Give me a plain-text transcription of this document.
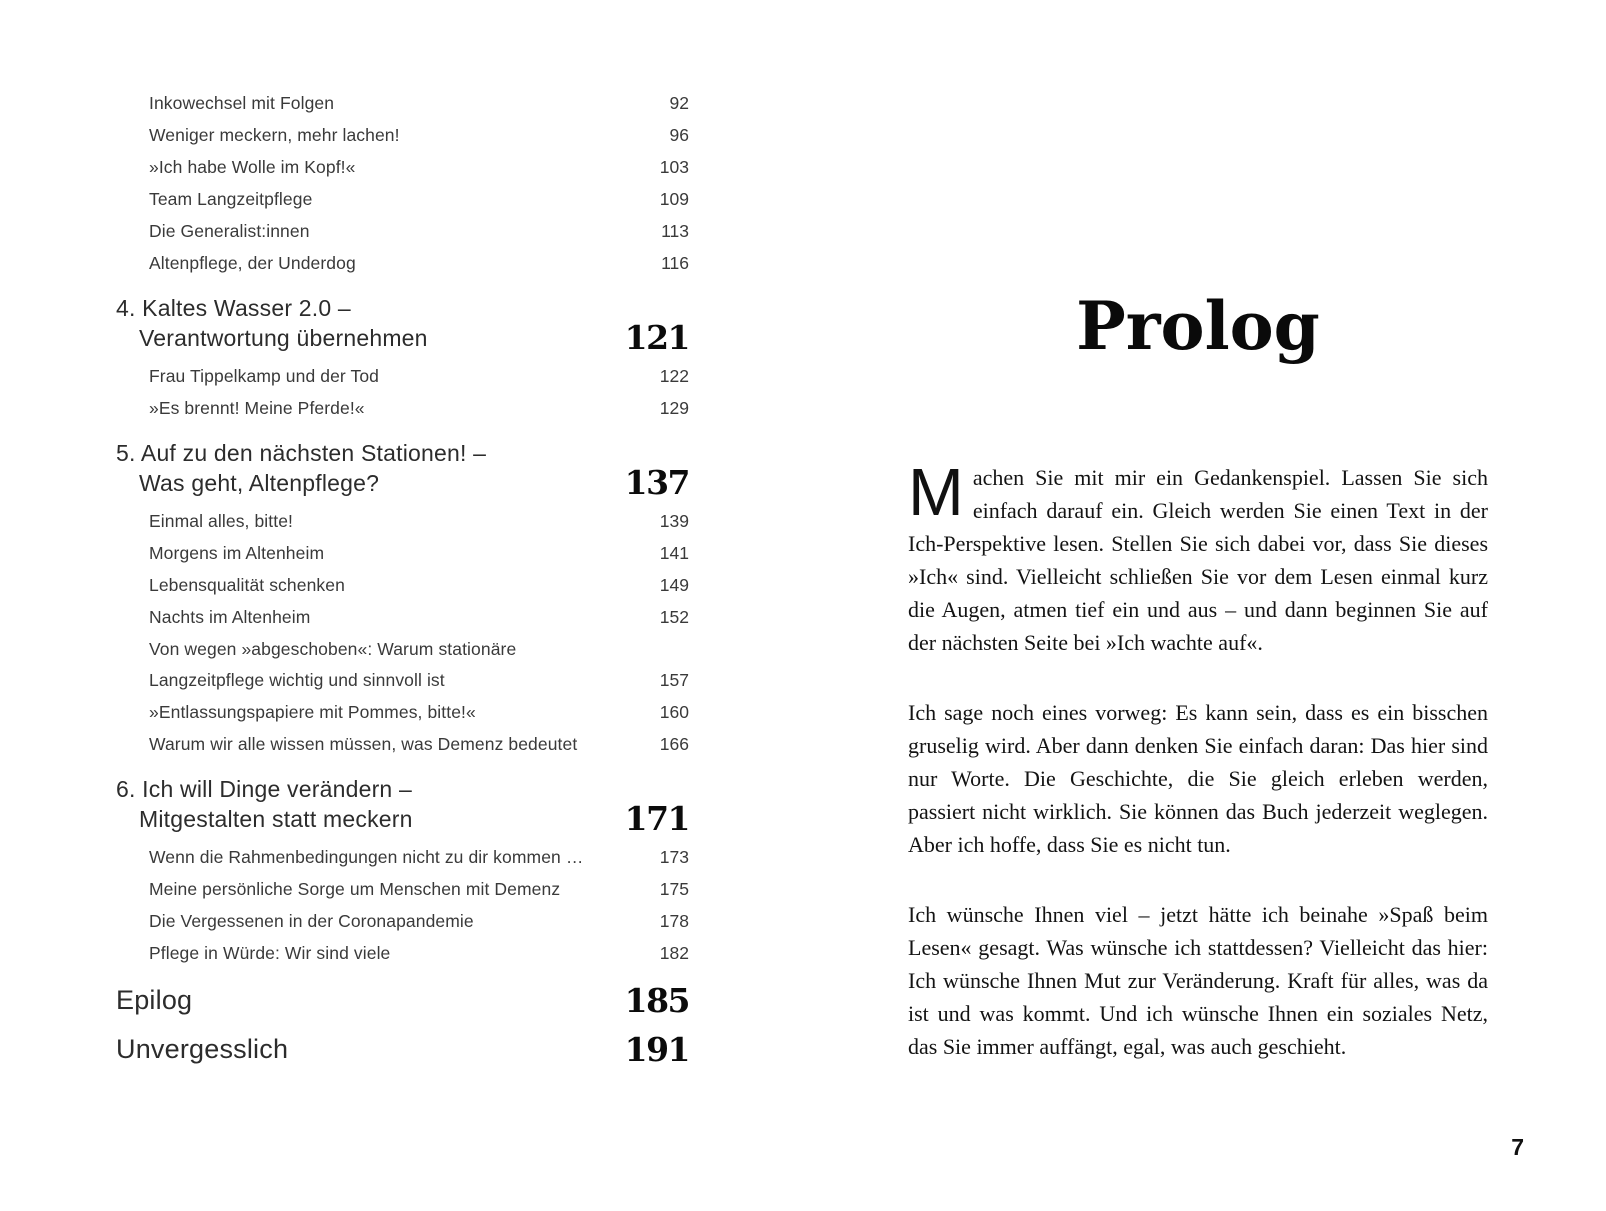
Inkowechsel mit Folgen	92
Weniger meckern, mehr lachen!	96
»Ich habe Wolle im Kopf!«	103
Team Langzeitpflege	109
Die Generalist:innen	113
Altenpflege, der Underdog	116
4. Kaltes Wasser 2.0 –
Verantwortung übernehmen	121
Frau Tippelkamp und der Tod	122
»Es brennt! Meine Pferde!«	129
5. Auf zu den nächsten Stationen! –
Was geht, Altenpflege?	137
Einmal alles, bitte!	139
Morgens im Altenheim	141
Lebensqualität schenken	149
Nachts im Altenheim	152
Von wegen »abgeschoben«: Warum stationäre
Langzeitpflege wichtig und sinnvoll ist	157
»Entlassungspapiere mit Pommes, bitte!«	160
Warum wir alle wissen müssen, was Demenz bedeutet	166
6. Ich will Dinge verändern –
Mitgestalten statt meckern	171
Wenn die Rahmenbedingungen nicht zu dir kommen …	173
Meine persönliche Sorge um Menschen mit Demenz	175
Die Vergessenen in der Coronapandemie	178
Pflege in Würde: Wir sind viele	182
Epilog	185
Unvergesslich	191
Prolog

Machen Sie mit mir ein Gedankenspiel. Lassen Sie sich einfach darauf ein. Gleich werden Sie einen Text in der Ich-Perspektive lesen. Stellen Sie sich dabei vor, dass Sie dieses »Ich« sind. Vielleicht schließen Sie vor dem Lesen einmal kurz die Augen, atmen tief ein und aus – und dann beginnen Sie auf der nächsten Seite bei »Ich wachte auf«.

Ich sage noch eines vorweg: Es kann sein, dass es ein bisschen gruselig wird. Aber dann denken Sie einfach daran: Das hier sind nur Worte. Die Geschichte, die Sie gleich erleben werden, passiert nicht wirklich. Sie können das Buch jederzeit weglegen. Aber ich hoffe, dass Sie es nicht tun.

Ich wünsche Ihnen viel – jetzt hätte ich beinahe »Spaß beim Lesen« gesagt. Was wünsche ich stattdessen? Vielleicht das hier: Ich wünsche Ihnen Mut zur Veränderung. Kraft für alles, was da ist und was kommt. Und ich wünsche Ihnen ein soziales Netz, das Sie immer auffängt, egal, was auch geschieht.

7
